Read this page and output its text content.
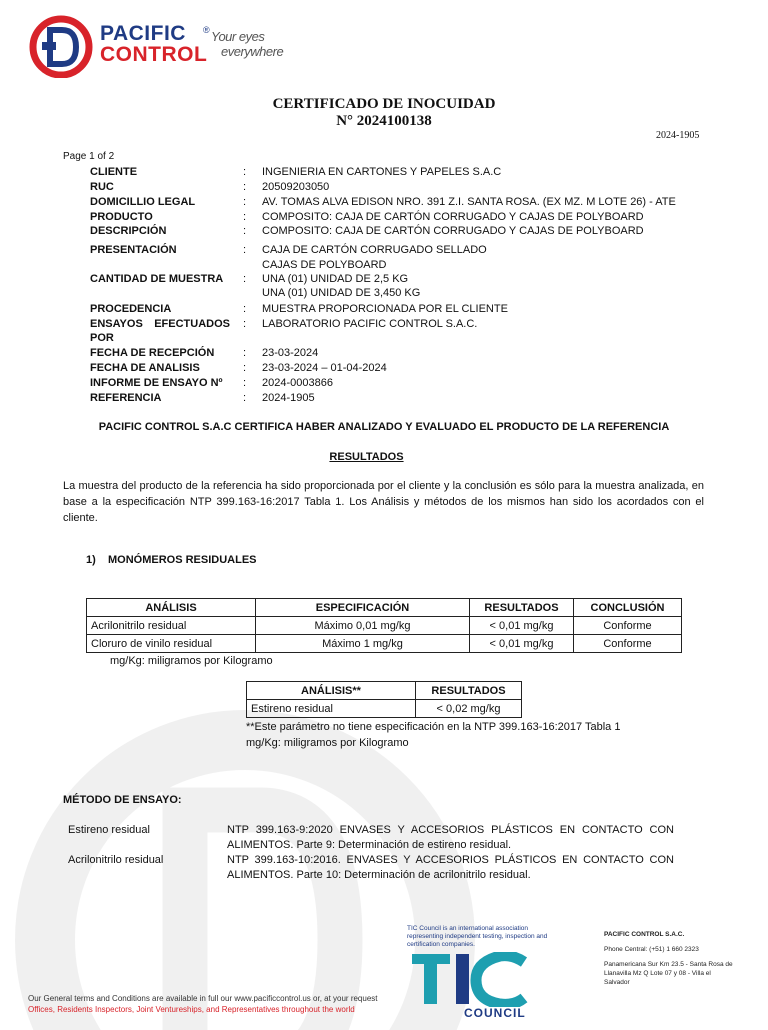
PACIFIC
CONTROL
® Your eyes
everywhere
CERTIFICADO DE INOCUIDAD
N° 2024100138
2024-1905
Page 1 of 2
CLIENTE	: INGENIERIA EN CARTONES Y PAPELES S.A.C
RUC	: 20509203050
DOMICILLIO LEGAL	: AV. TOMAS ALVA EDISON NRO. 391 Z.I. SANTA ROSA. (EX MZ. M LOTE 26) - ATE
PRODUCTO	: COMPOSITO: CAJA DE CARTÓN CORRUGADO Y CAJAS DE POLYBOARD
DESCRIPCIÓN	: COMPOSITO: CAJA DE CARTÓN CORRUGADO Y CAJAS DE POLYBOARD
PRESENTACIÓN	: CAJA DE CARTÓN CORRUGADO SELLADO
CAJAS DE POLYBOARD
CANTIDAD DE MUESTRA	: UNA (01) UNIDAD DE 2,5 KG
UNA (01) UNIDAD DE 3,450 KG
PROCEDENCIA	: MUESTRA PROPORCIONADA POR EL CLIENTE
ENSAYOS EFECTUADOS POR
: LABORATORIO PACIFIC CONTROL S.A.C.
FECHA DE RECEPCIÓN	: 23-03-2024
FECHA DE ANALISIS	: 23-03-2024 – 01-04-2024
INFORME DE ENSAYO Nº	: 2024-0003866
REFERENCIA	: 2024-1905
PACIFIC CONTROL S.A.C CERTIFICA HABER ANALIZADO Y EVALUADO EL PRODUCTO DE LA REFERENCIA
RESULTADOS
La muestra del producto de la referencia ha sido proporcionada por el cliente y la conclusión es sólo para la muestra analizada, en base a la especificación NTP 399.163-16:2017 Tabla 1. Los Análisis y métodos de los mismos han sido los acordados con el cliente.
1)    MONÓMEROS RESIDUALES
ANÁLISIS	ESPECIFICACIÓN	RESULTADOS	CONCLUSIÓN
Acrilonitrilo residual	Máximo 0,01 mg/kg	< 0,01 mg/kg	Conforme
Cloruro de vinilo residual	Máximo 1 mg/kg	< 0,01 mg/kg	Conforme
mg/Kg: miligramos por Kilogramo
ANÁLISIS**	RESULTADOS
Estireno residual	< 0,02 mg/kg
**Este parámetro no tiene especificación en la NTP 399.163-16:2017 Tabla 1
mg/Kg: miligramos por Kilogramo
MÉTODO DE ENSAYO:
Estireno residual	NTP 399.163-9:2020 ENVASES Y ACCESORIOS PLÁSTICOS EN CONTACTO CON ALIMENTOS. Parte 9: Determinación de estireno residual.
Acrilonitrilo residual	NTP 399.163-10:2016. ENVASES Y ACCESORIOS PLÁSTICOS EN CONTACTO CON ALIMENTOS. Parte 10: Determinación de acrilonitrilo residual.
TIC Council is an international association representing independent testing, inspection and certification companies.
COUNCIL
PACIFIC CONTROL S.A.C.
Phone Central: (+51) 1 660 2323
Panamericana Sur Km 23.5 - Santa Rosa de
Llanavilla Mz Q Lote 07 y 08 - Villa el
Salvador
Our General terms and Conditions are available in full our www.pacificcontrol.us or, at your request
Offices, Residents Inspectors, Joint Ventureships, and Representatives throughout the world
